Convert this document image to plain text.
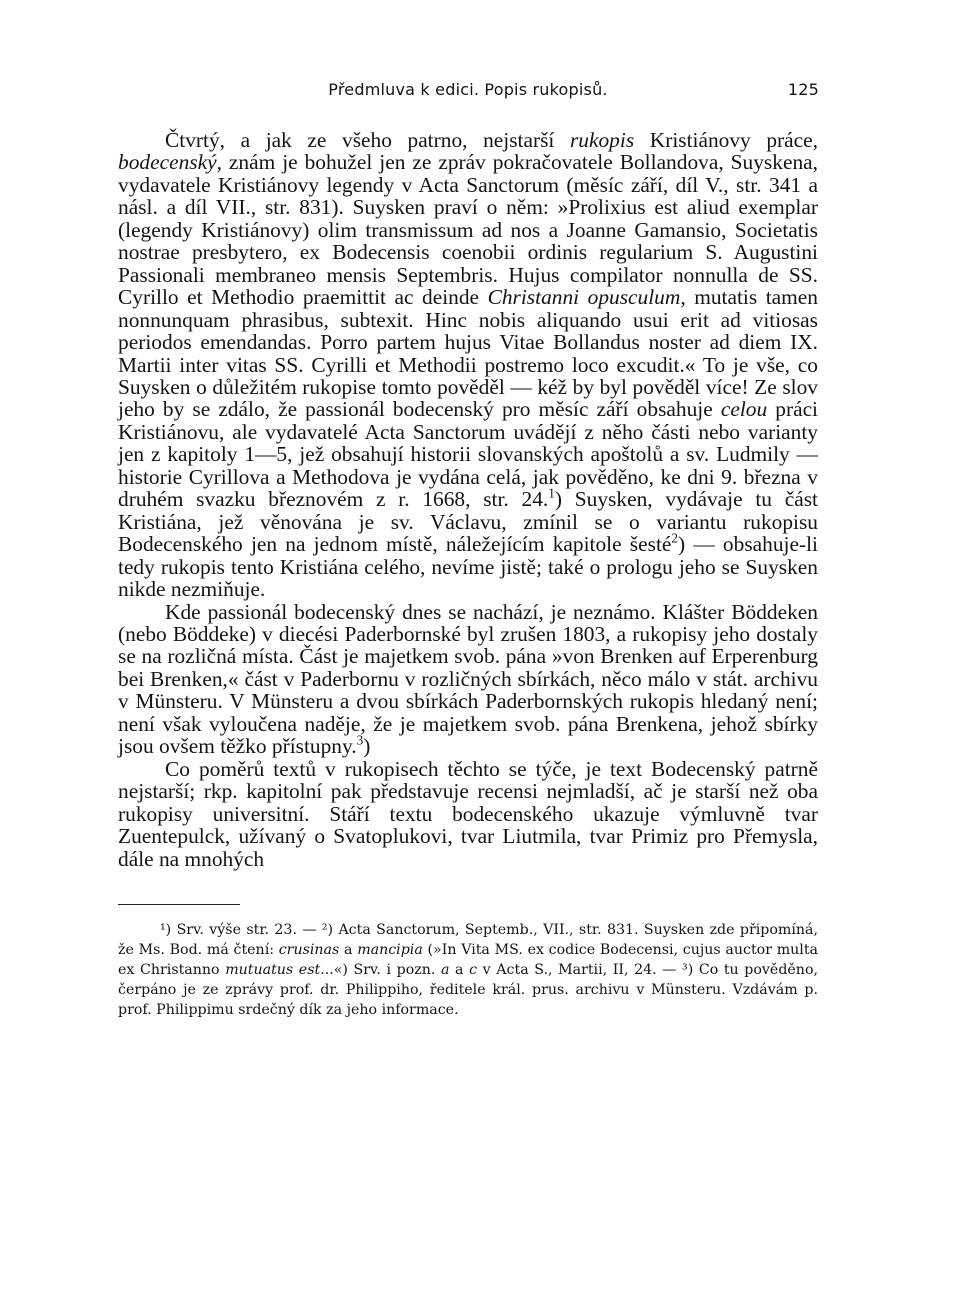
Předmluva k edici. Popis rukopisů.	125

Čtvrtý, a jak ze všeho patrno, nejstarší rukopis Kristiánovy práce, bodecenský, znám je bohužel jen ze zpráv pokračovatele Bollandova, Suyskena, vydavatele Kristiánovy legendy v Acta Sanctorum (měsíc září, díl V., str. 341 a násl. a díl VII., str. 831). Suysken praví o něm: »Prolixius est aliud exemplar (legendy Kristiánovy) olim transmissum ad nos a Joanne Gamansio, Societatis nostrae presbytero, ex Bodecensis coenobii ordinis regularium S. Augustini Passionali membraneo mensis Septembris. Hujus compilator nonnulla de SS. Cyrillo et Methodio praemittit ac deinde Christanni opusculum, mutatis tamen nonnunquam phrasibus, subtexit. Hinc nobis aliquando usui erit ad vitiosas periodos emendandas. Porro partem hujus Vitae Bollandus noster ad diem IX. Martii inter vitas SS. Cyrilli et Methodii postremo loco excudit.« To je vše, co Suysken o důležitém rukopise tomto pověděl — kéž by byl pověděl více! Ze slov jeho by se zdálo, že passionál bodecenský pro měsíc září obsahuje celou práci Kristiánovu, ale vydavatelé Acta Sanctorum uvádějí z něho části nebo varianty jen z kapitoly 1—5, jež obsahují historii slovanských apoštolů a sv. Ludmily — historie Cyrillova a Methodova je vydána celá, jak pověděno, ke dni 9. března v druhém svazku březnovém z r. 1668, str. 24.$^1$) Suysken, vydávaje tu část Kristiána, jež věnována je sv. Václavu, zmínil se o variantu rukopisu Bodecenského jen na jednom místě, náležejícím kapitole šesté$^2$) — obsahuje-li tedy rukopis tento Kristiána celého, nevíme jistě; také o prologu jeho se Suysken nikde nezmiňuje.

Kde passionál bodecenský dnes se nachází, je neznámo. Klášter Böddeken (nebo Böddeke) v diecési Paderbornské byl zrušen 1803, a rukopisy jeho dostaly se na rozličná místa. Část je majetkem svob. pána »von Brenken auf Erperenburg bei Brenken,« část v Paderbornu v rozličných sbírkách, něco málo v stát. archivu v Münsteru. V Münsteru a dvou sbírkách Paderbornských rukopis hledaný není; není však vyloučena naděje, že je majetkem svob. pána Brenkena, jehož sbírky jsou ovšem těžko přístupny.$^3$)

Co poměrů textů v rukopisech těchto se týče, je text Bodecenský patrně nejstarší; rkp. kapitolní pak představuje recensi nejmladší, ač je starší než oba rukopisy universitní. Stáří textu bodecenského ukazuje výmluvně tvar Zuentepulck, užívaný o Svatoplukovi, tvar Liutmila, tvar Primiz pro Přemysla, dále na mnohých

¹) Srv. výše str. 23. — ²) Acta Sanctorum, Septemb., VII., str. 831. Suysken zde připomíná, že Ms. Bod. má čtení: crusinas a mancipia (»In Vita MS. ex codice Bodecensi, cujus auctor multa ex Christanno mutuatus est...«) Srv. i pozn. a a c v Acta S., Martii, II, 24. — ³) Co tu pověděno, čerpáno je ze zprávy prof. dr. Philippiho, ředitele král. prus. archivu v Münsteru. Vzdávám p. prof. Philippimu srdečný dík za jeho informace.
